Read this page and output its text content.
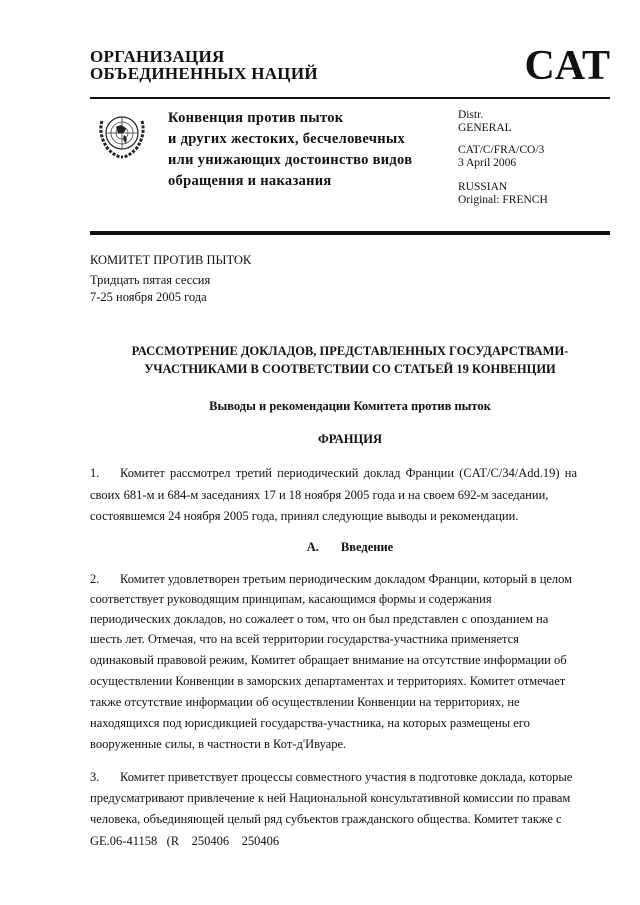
ОРГАНИЗАЦИЯ
ОБЪЕДИНЕННЫХ НАЦИЙ	CAT
Конвенция против пыток
и других жестоких, бесчеловечных
или унижающих достоинство видов
обращения и наказания
Distr.
GENERAL
CAT/C/FRA/CO/3
3 April 2006
RUSSIAN
Original: FRENCH
КОМИТЕТ ПРОТИВ ПЫТОК
Тридцать пятая сессия
7-25 ноября 2005 года
РАССМОТРЕНИЕ ДОКЛАДОВ, ПРЕДСТАВЛЕННЫХ ГОСУДАРСТВАМИ-
УЧАСТНИКАМИ В СООТВЕТСТВИИ СО СТАТЬЕЙ 19 КОНВЕНЦИИ
Выводы и рекомендации Комитета против пыток
ФРАНЦИЯ
1. Комитет рассмотрел третий периодический доклад Франции (CAT/C/34/Add.19) на
своих 681-м и 684-м заседаниях 17 и 18 ноября 2005 года и на своем 692-м заседании,
состоявшемся 24 ноября 2005 года, принял следующие выводы и рекомендации.
A. Введение
2. Комитет удовлетворен третьим периодическим докладом Франции, который в целом
соответствует руководящим принципам, касающимся формы и содержания
периодических докладов, но сожалеет о том, что он был представлен с опозданием на
шесть лет. Отмечая, что на всей территории государства-участника применяется
одинаковый правовой режим, Комитет обращает внимание на отсутствие информации об
осуществлении Конвенции в заморских департаментах и территориях. Комитет отмечает
также отсутствие информации об осуществлении Конвенции на территориях, не
находящихся под юрисдикцией государства-участника, на которых размещены его
вооруженные силы, в частности в Кот-д'Ивуаре.
3. Комитет приветствует процессы совместного участия в подготовке доклада, которые
предусматривают привлечение к ней Национальной консультативной комиссии по правам
человека, объединяющей целый ряд субъектов гражданского общества. Комитет также с
GE.06-41158   (R    250406    250406
